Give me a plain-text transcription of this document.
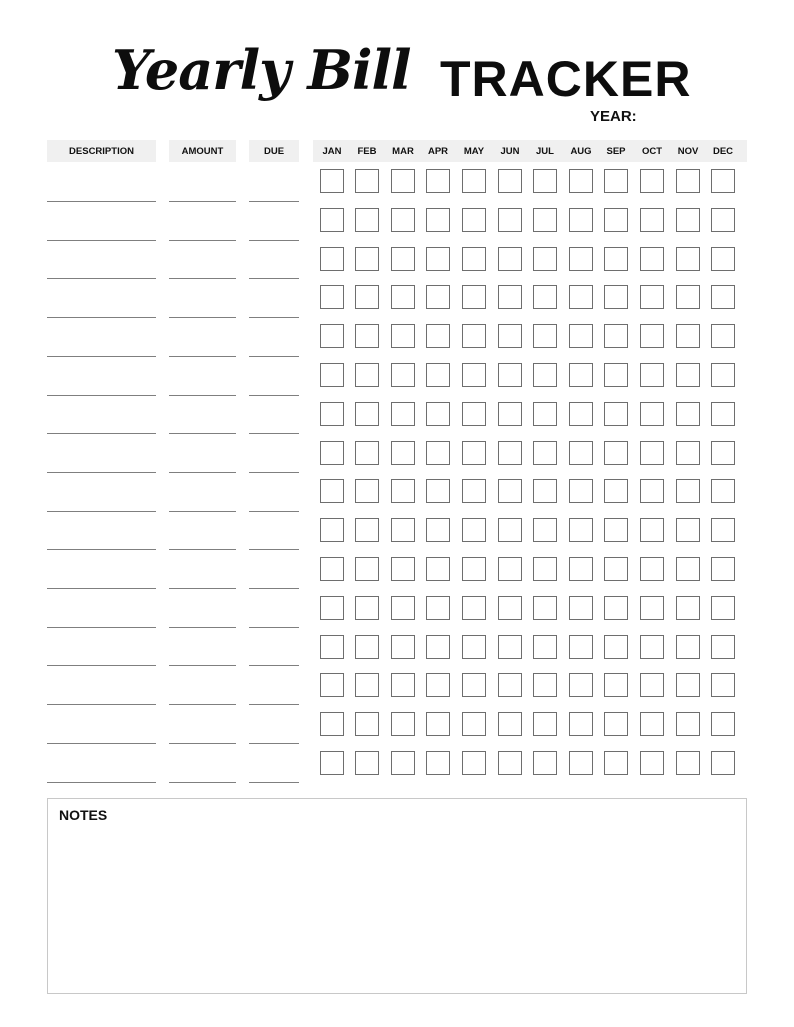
Yearly Bill TRACKER
YEAR:
DESCRIPTION	AMOUNT	DUE	JAN	FEB	MAR	APR	MAY	JUN	JUL	AUG	SEP	OCT	NOV	DEC
NOTES
